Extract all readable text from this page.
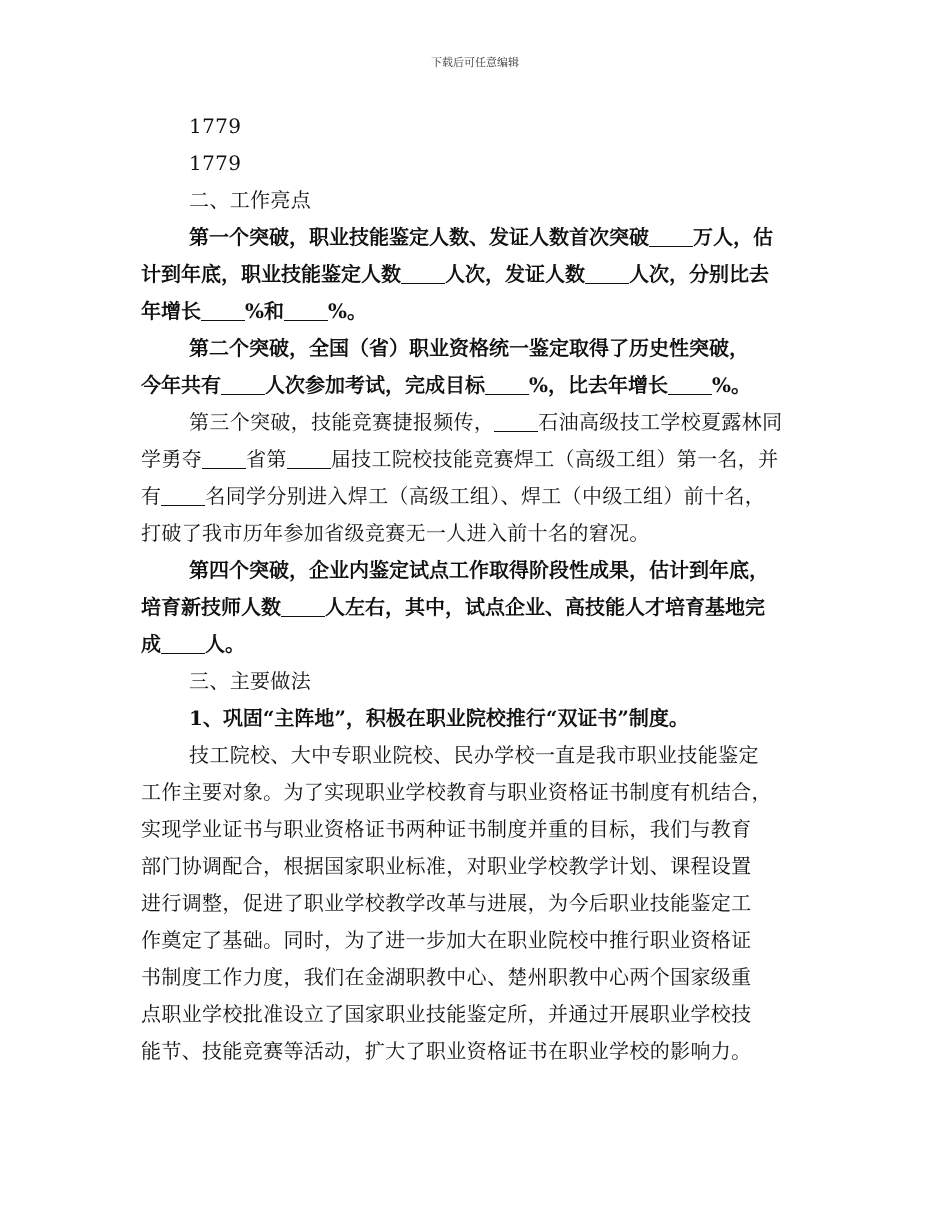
下载后可任意编辑
1779
1779
二、工作亮点
第一个突破，职业技能鉴定人数、发证人数首次突破 万人，估
计到年底，职业技能鉴定人数 人次，发证人数 人次，分别比去
年增长 %和 %。
第二个突破，全国（省）职业资格统一鉴定取得了历史性突破，
今年共有 人次参加考试，完成目标 %，比去年增长 %。
第三个突破，技能竞赛捷报频传， 石油高级技工学校夏露林同
学勇夺 省第 届技工院校技能竞赛焊工（高级工组）第一名，并
有 名同学分别进入焊工（高级工组）、焊工（中级工组）前十名，
打破了我市历年参加省级竞赛无一人进入前十名的窘况。
第四个突破，企业内鉴定试点工作取得阶段性成果，估计到年底，
培育新技师人数 人左右，其中，试点企业、高技能人才培育基地完
成 人。
三、主要做法
1、巩固“主阵地”，积极在职业院校推行“双证书”制度。
技工院校、大中专职业院校、民办学校一直是我市职业技能鉴定
工作主要对象。为了实现职业学校教育与职业资格证书制度有机结合，
实现学业证书与职业资格证书两种证书制度并重的目标，我们与教育
部门协调配合，根据国家职业标准，对职业学校教学计划、课程设置
进行调整，促进了职业学校教学改革与进展，为今后职业技能鉴定工
作奠定了基础。同时，为了进一步加大在职业院校中推行职业资格证
书制度工作力度，我们在金湖职教中心、楚州职教中心两个国家级重
点职业学校批准设立了国家职业技能鉴定所，并通过开展职业学校技
能节、技能竞赛等活动，扩大了职业资格证书在职业学校的影响力。
